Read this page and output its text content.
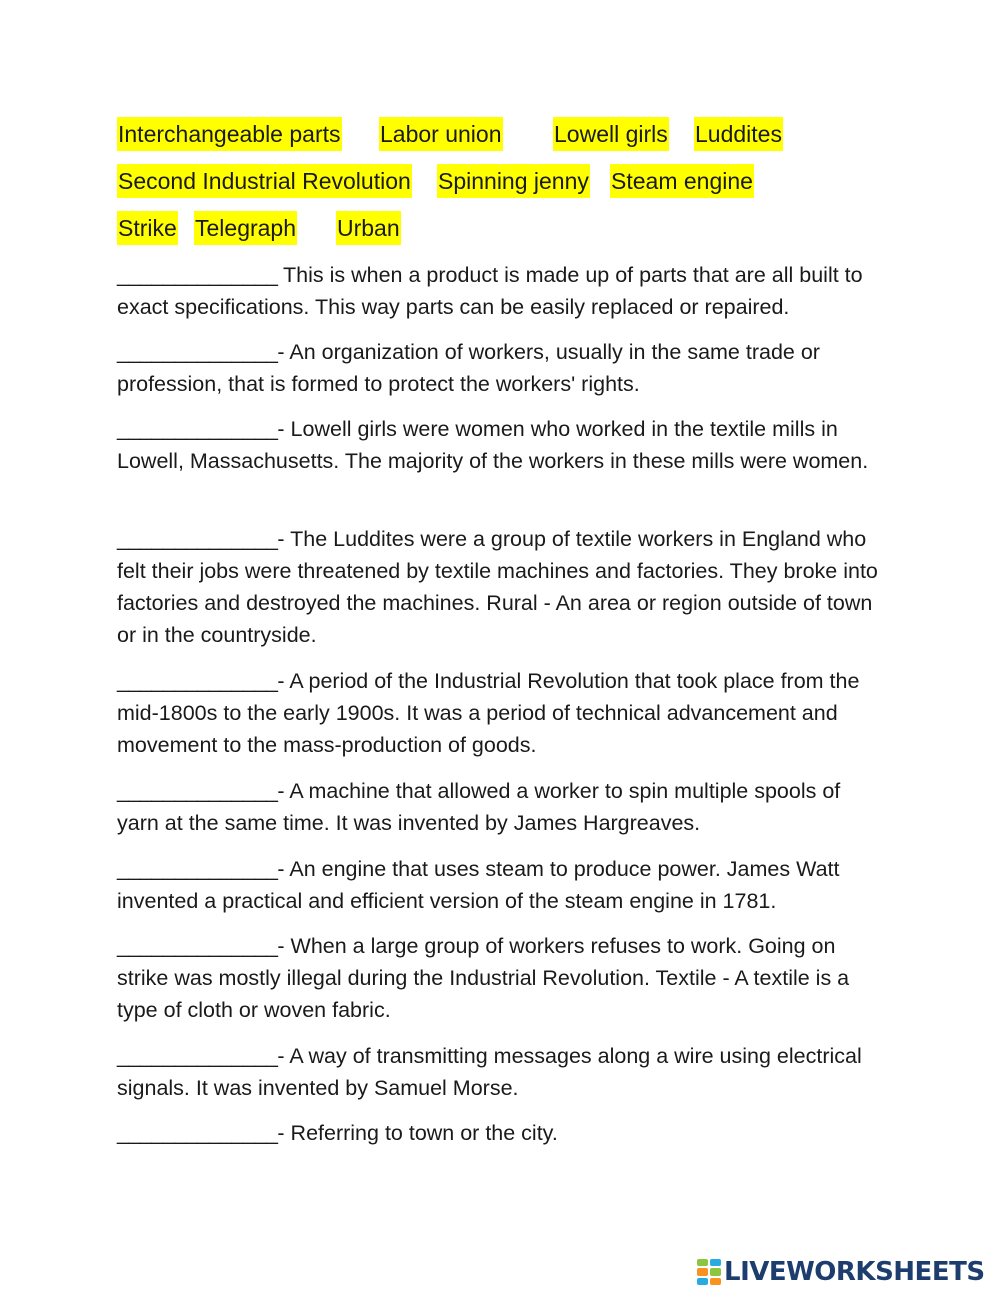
Interchangeable parts Labor union Lowell girls Luddites
Second Industrial Revolution Spinning jenny Steam engine
Strike Telegraph Urban

______________ This is when a product is made up of parts that are all built to exact specifications. This way parts can be easily replaced or repaired.

______________- An organization of workers, usually in the same trade or profession, that is formed to protect the workers' rights.

______________- Lowell girls were women who worked in the textile mills in Lowell, Massachusetts. The majority of the workers in these mills were women.

______________- The Luddites were a group of textile workers in England who felt their jobs were threatened by textile machines and factories. They broke into factories and destroyed the machines. Rural - An area or region outside of town or in the countryside.

______________- A period of the Industrial Revolution that took place from the mid-1800s to the early 1900s. It was a period of technical advancement and movement to the mass-production of goods.

______________- A machine that allowed a worker to spin multiple spools of yarn at the same time. It was invented by James Hargreaves.

______________- An engine that uses steam to produce power. James Watt invented a practical and efficient version of the steam engine in 1781.

______________- When a large group of workers refuses to work. Going on strike was mostly illegal during the Industrial Revolution. Textile - A textile is a type of cloth or woven fabric.

______________- A way of transmitting messages along a wire using electrical signals. It was invented by Samuel Morse.

______________- Referring to town or the city.

LIVEWORKSHEETS
